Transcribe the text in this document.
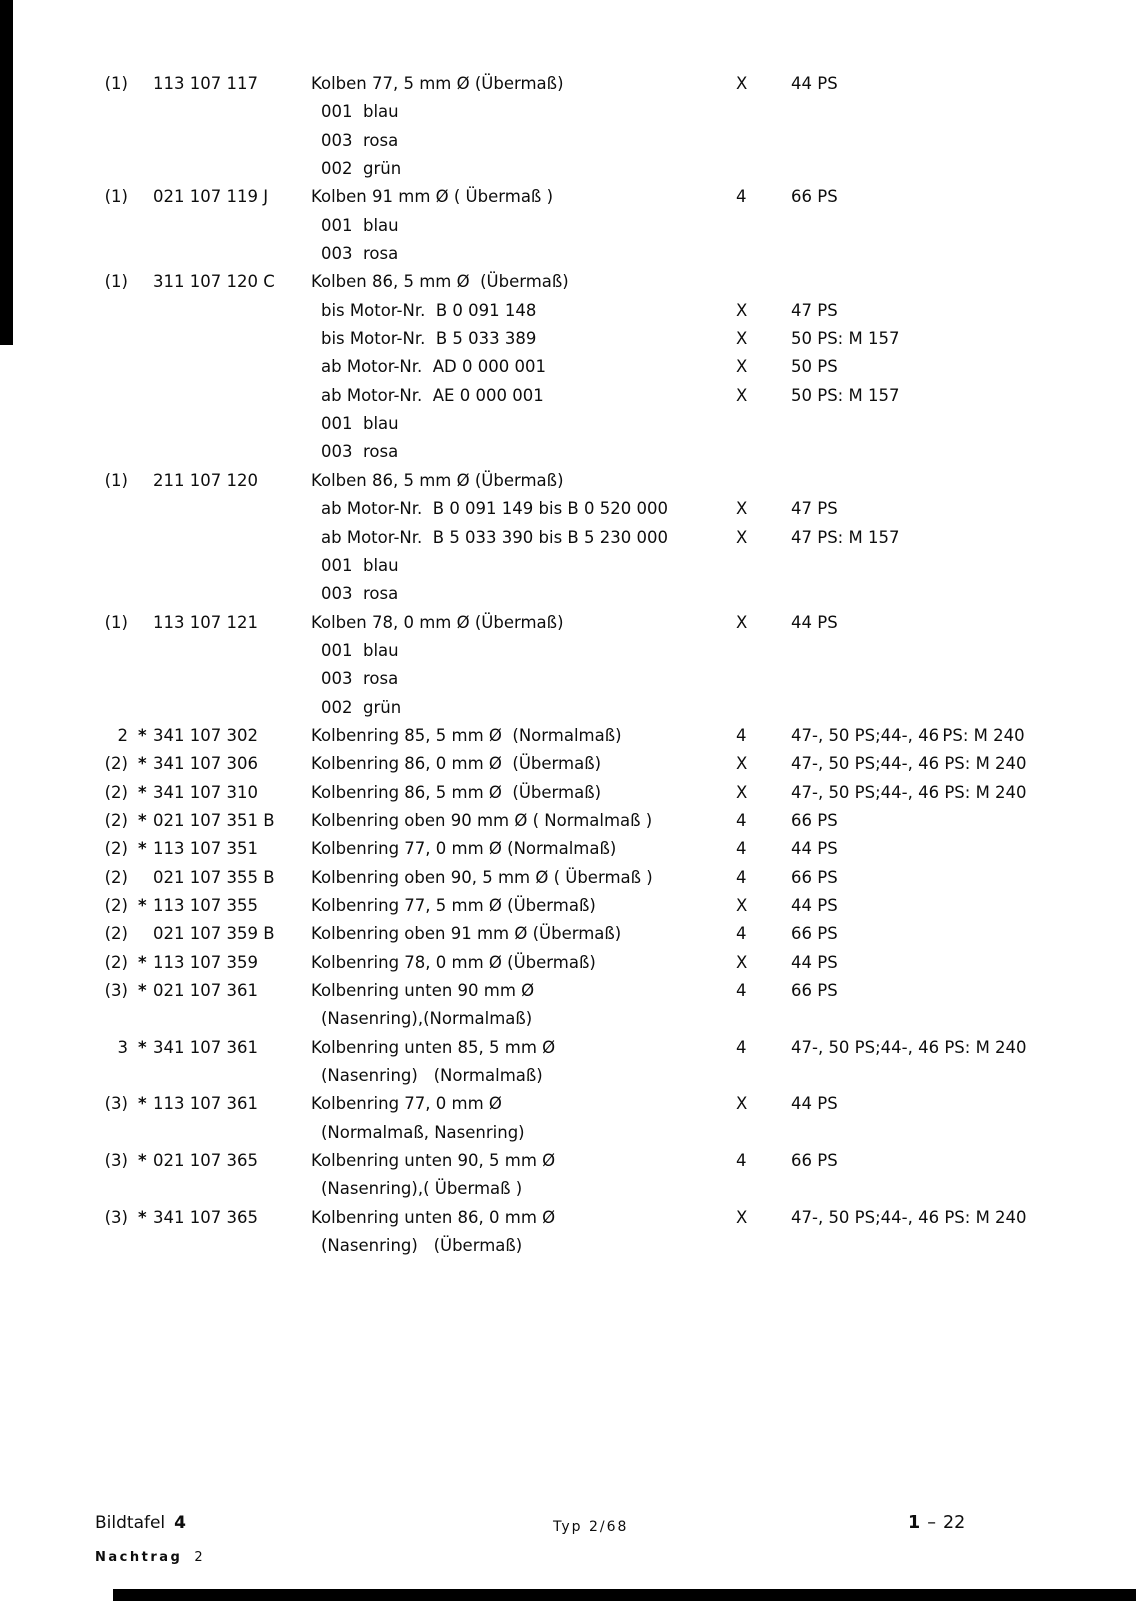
(1) 113 107 117	Kolben 77, 5 mm Ø (Übermaß)	X	44 PS
001  blau
003  rosa
002  grün
(1) 021 107 119 J	Kolben 91 mm Ø ( Übermaß )	4	66 PS
001  blau
003  rosa
(1) 311 107 120 C	Kolben 86, 5 mm Ø  (Übermaß)
bis Motor-Nr.  B 0 091 148	X	47 PS
bis Motor-Nr.  B 5 033 389	X	50 PS: M 157
ab Motor-Nr.  AD 0 000 001	X	50 PS
ab Motor-Nr.  AE 0 000 001	X	50 PS: M 157
001  blau
003  rosa
(1) 211 107 120	Kolben 86, 5 mm Ø (Übermaß)
ab Motor-Nr.  B 0 091 149 bis B 0 520 000	X	47 PS
ab Motor-Nr.  B 5 033 390 bis B 5 230 000	X	47 PS: M 157
001  blau
003  rosa
(1) 113 107 121	Kolben 78, 0 mm Ø (Übermaß)	X	44 PS
001  blau
003  rosa
002  grün
2 * 341 107 302	Kolbenring 85, 5 mm Ø  (Normalmaß)	4	47-, 50 PS;44-, 46 PS: M 240
(2) * 341 107 306	Kolbenring 86, 0 mm Ø  (Übermaß)	X	47-, 50 PS;44-, 46 PS: M 240
(2) * 341 107 310	Kolbenring 86, 5 mm Ø  (Übermaß)	X	47-, 50 PS;44-, 46 PS: M 240
(2) * 021 107 351 B	Kolbenring oben 90 mm Ø ( Normalmaß )	4	66 PS
(2) * 113 107 351	Kolbenring 77, 0 mm Ø (Normalmaß)	4	44 PS
(2) 021 107 355 B	Kolbenring oben 90, 5 mm Ø ( Übermaß )	4	66 PS
(2) * 113 107 355	Kolbenring 77, 5 mm Ø (Übermaß)	X	44 PS
(2) 021 107 359 B	Kolbenring oben 91 mm Ø (Übermaß)	4	66 PS
(2) * 113 107 359	Kolbenring 78, 0 mm Ø (Übermaß)	X	44 PS
(3) * 021 107 361	Kolbenring unten 90 mm Ø	4	66 PS
(Nasenring),(Normalmaß)
3 * 341 107 361	Kolbenring unten 85, 5 mm Ø	4	47-, 50 PS;44-, 46 PS: M 240
(Nasenring)   (Normalmaß)
(3) * 113 107 361	Kolbenring 77, 0 mm Ø	X	44 PS
(Normalmaß, Nasenring)
(3) * 021 107 365	Kolbenring unten 90, 5 mm Ø	4	66 PS
(Nasenring),( Übermaß )
(3) * 341 107 365	Kolbenring unten 86, 0 mm Ø	X	47-, 50 PS;44-, 46 PS: M 240
(Nasenring)   (Übermaß)
Bildtafel 4
Nachtrag 2
Typ 2/68	1 – 22
